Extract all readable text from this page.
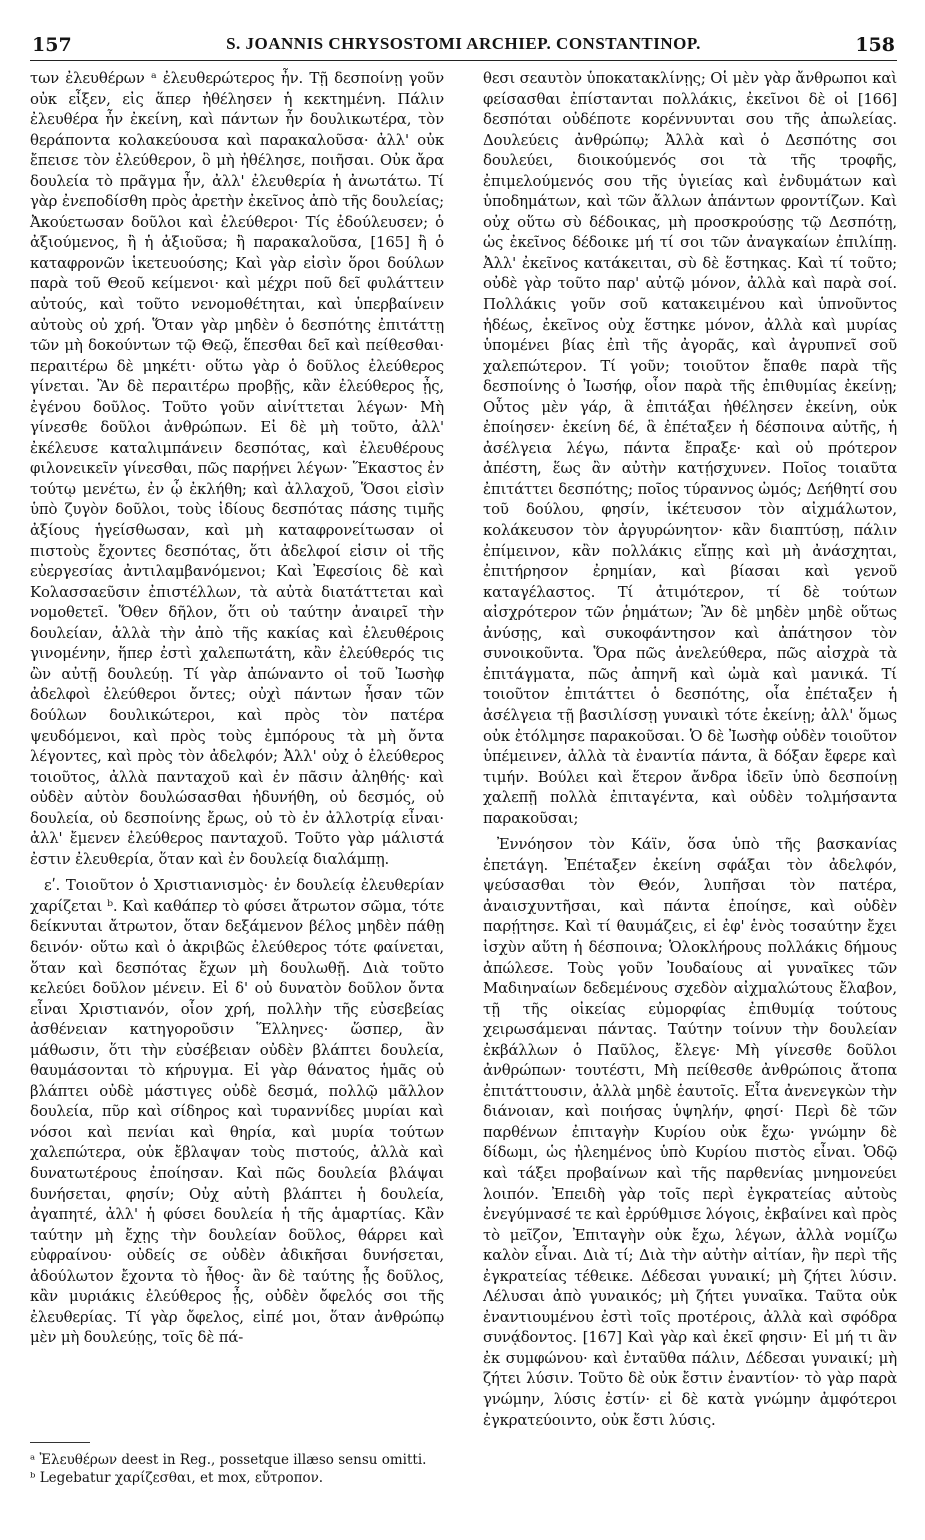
157	S. JOANNIS CHRYSOSTOMI ARCHIEP. CONSTANTINOP.	158

των ἐλευθέρων ᵃ ἐλευθερώτερος ἦν. Τῇ δεσποίνῃ γοῦν οὐκ εἶξεν, εἰς ἅπερ ἠθέλησεν ἡ κεκτημένη. Πάλιν ἐλευθέρα ἦν ἐκείνη, καὶ πάντων ἦν δουλικωτέρα, τὸν θεράποντα κολακεύουσα καὶ παρακαλοῦσα· ἀλλ' οὐκ ἔπεισε τὸν ἐλεύθερον, ὃ μὴ ἠθέλησε, ποιῆσαι. Οὐκ ἄρα δουλεία τὸ πρᾶγμα ἦν, ἀλλ' ἐλευθερία ἡ ἀνωτάτω. Τί γὰρ ἐνεποδίσθη πρὸς ἀρετὴν ἐκεῖνος ἀπὸ τῆς δουλείας; Ἀκούετωσαν δοῦλοι καὶ ἐλεύθεροι· Τίς ἐδούλευσεν; ὁ ἀξιούμενος, ἢ ἡ ἀξιοῦσα; ἢ παρακαλοῦσα, [165] ἢ ὁ καταφρονῶν ἱκετευούσης; Καὶ γὰρ εἰσὶν ὅροι δούλων παρὰ τοῦ Θεοῦ κείμενοι· καὶ μέχρι ποῦ δεῖ φυλάττειν αὐτούς, καὶ τοῦτο νενομοθέτηται, καὶ ὑπερβαίνειν αὐτοὺς οὐ χρή. Ὅταν γὰρ μηδὲν ὁ δεσπότης ἐπιτάττῃ τῶν μὴ δοκούντων τῷ Θεῷ, ἕπεσθαι δεῖ καὶ πείθεσθαι· περαιτέρω δὲ μηκέτι· οὕτω γὰρ ὁ δοῦλος ἐλεύθερος γίνεται. Ἂν δὲ περαιτέρω προβῇς, κἂν ἐλεύθερος ᾖς, ἐγένου δοῦλος. Τοῦτο γοῦν αἰνίττεται λέγων· Μὴ γίνεσθε δοῦλοι ἀνθρώπων. Εἰ δὲ μὴ τοῦτο, ἀλλ' ἐκέλευσε καταλιμπάνειν δεσπότας, καὶ ἐλευθέρους φιλονεικεῖν γίνεσθαι, πῶς παρῄνει λέγων· Ἕκαστος ἐν τούτῳ μενέτω, ἐν ᾧ ἐκλήθη; καὶ ἀλλαχοῦ, Ὅσοι εἰσὶν ὑπὸ ζυγὸν δοῦλοι, τοὺς ἰδίους δεσπότας πάσης τιμῆς ἀξίους ἡγείσθωσαν, καὶ μὴ καταφρονείτωσαν οἱ πιστοὺς ἔχοντες δεσπότας, ὅτι ἀδελφοί εἰσιν οἱ τῆς εὐεργεσίας ἀντιλαμβανόμενοι; Καὶ Ἐφεσίοις δὲ καὶ Κολασσαεῦσιν ἐπιστέλλων, τὰ αὐτὰ διατάττεται καὶ νομοθετεῖ. Ὅθεν δῆλον, ὅτι οὐ ταύτην ἀναιρεῖ τὴν δουλείαν, ἀλλὰ τὴν ἀπὸ τῆς κακίας καὶ ἐλευθέροις γινομένην, ἥπερ ἐστὶ χαλεπωτάτη, κἂν ἐλεύθερός τις ὢν αὐτῇ δουλεύῃ. Τί γὰρ ἀπώναντο οἱ τοῦ Ἰωσὴφ ἀδελφοὶ ἐλεύθεροι ὄντες; οὐχὶ πάντων ἦσαν τῶν δούλων δουλικώτεροι, καὶ πρὸς τὸν πατέρα ψευδόμενοι, καὶ πρὸς τοὺς ἐμπόρους τὰ μὴ ὄντα λέγοντες, καὶ πρὸς τὸν ἀδελφόν; Ἀλλ' οὐχ ὁ ἐλεύθερος τοιοῦτος, ἀλλὰ πανταχοῦ καὶ ἐν πᾶσιν ἀληθής· καὶ οὐδὲν αὐτὸν δουλώσασθαι ἠδυνήθη, οὐ δεσμός, οὐ δουλεία, οὐ δεσποίνης ἔρως, οὐ τὸ ἐν ἀλλοτρίᾳ εἶναι· ἀλλ' ἔμενεν ἐλεύθερος πανταχοῦ. Τοῦτο γὰρ μάλιστά ἐστιν ἐλευθερία, ὅταν καὶ ἐν δουλείᾳ διαλάμπῃ.

εʹ. Τοιοῦτον ὁ Χριστιανισμὸς· ἐν δουλείᾳ ἐλευθερίαν χαρίζεται ᵇ. Καὶ καθάπερ τὸ φύσει ἄτρωτον σῶμα, τότε δείκνυται ἄτρωτον, ὅταν δεξάμενον βέλος μηδὲν πάθῃ δεινόν· οὕτω καὶ ὁ ἀκριβῶς ἐλεύθερος τότε φαίνεται, ὅταν καὶ δεσπότας ἔχων μὴ δουλωθῇ. Διὰ τοῦτο κελεύει δοῦλον μένειν. Εἰ δ' οὐ δυνατὸν δοῦλον ὄντα εἶναι Χριστιανόν, οἷον χρή, πολλὴν τῆς εὐσεβείας ἀσθένειαν κατηγοροῦσιν Ἕλληνες· ὥσπερ, ἂν μάθωσιν, ὅτι τὴν εὐσέβειαν οὐδὲν βλάπτει δουλεία, θαυμάσονται τὸ κήρυγμα. Εἰ γὰρ θάνατος ἡμᾶς οὐ βλάπτει οὐδὲ μάστιγες οὐδὲ δεσμά, πολλῷ μᾶλλον δουλεία, πῦρ καὶ σίδηρος καὶ τυραννίδες μυρίαι καὶ νόσοι καὶ πενίαι καὶ θηρία, καὶ μυρία τούτων χαλεπώτερα, οὐκ ἔβλαψαν τοὺς πιστούς, ἀλλὰ καὶ δυνατωτέρους ἐποίησαν. Καὶ πῶς δουλεία βλάψαι δυνήσεται, φησίν; Οὐχ αὐτὴ βλάπτει ἡ δουλεία, ἀγαπητέ, ἀλλ' ἡ φύσει δουλεία ἡ τῆς ἁμαρτίας. Κἂν ταύτην μὴ ἔχῃς τὴν δουλείαν δοῦλος, θάρρει καὶ εὐφραίνου· οὐδείς σε οὐδὲν ἀδικῆσαι δυνήσεται, ἀδούλωτον ἔχοντα τὸ ἦθος· ἂν δὲ ταύτης ᾖς δοῦλος, κἂν μυριάκις ἐλεύθερος ᾖς, οὐδὲν ὄφελός σοι τῆς ἐλευθερίας. Τί γὰρ ὄφελος, εἰπέ μοι, ὅταν ἀνθρώπῳ μὲν μὴ δουλεύῃς, τοῖς δὲ πά-

θεσι σεαυτὸν ὑποκατακλίνῃς; Οἱ μὲν γὰρ ἄνθρωποι καὶ φείσασθαι ἐπίστανται πολλάκις, ἐκεῖνοι δὲ οἱ [166] δεσπόται οὐδέποτε κορέννυνται σου τῆς ἀπωλείας. Δουλεύεις ἀνθρώπῳ; Ἀλλὰ καὶ ὁ Δεσπότης σοι δουλεύει, διοικούμενός σοι τὰ τῆς τροφῆς, ἐπιμελούμενός σου τῆς ὑγιείας καὶ ἐνδυμάτων καὶ ὑποδημάτων, καὶ τῶν ἄλλων ἁπάντων φροντίζων. Καὶ οὐχ οὕτω σὺ δέδοικας, μὴ προσκρούσῃς τῷ Δεσπότῃ, ὡς ἐκεῖνος δέδοικε μή τί σοι τῶν ἀναγκαίων ἐπιλίπῃ. Ἀλλ' ἐκεῖνος κατάκειται, σὺ δὲ ἕστηκας. Καὶ τί τοῦτο; οὐδὲ γὰρ τοῦτο παρ' αὐτῷ μόνον, ἀλλὰ καὶ παρὰ σοί. Πολλάκις γοῦν σοῦ κατακειμένου καὶ ὑπνοῦντος ἡδέως, ἐκεῖνος οὐχ ἕστηκε μόνον, ἀλλὰ καὶ μυρίας ὑπομένει βίας ἐπὶ τῆς ἀγορᾶς, καὶ ἀγρυπνεῖ σοῦ χαλεπώτερον. Τί γοῦν; τοιοῦτον ἔπαθε παρὰ τῆς δεσποίνης ὁ Ἰωσήφ, οἷον παρὰ τῆς ἐπιθυμίας ἐκείνῃ; Οὗτος μὲν γάρ, ἃ ἐπιτάξαι ἠθέλησεν ἐκείνη, οὐκ ἐποίησεν· ἐκείνη δέ, ἃ ἐπέταξεν ἡ δέσποινα αὐτῆς, ἡ ἀσέλγεια λέγω, πάντα ἔπραξε· καὶ οὐ πρότερον ἀπέστη, ἕως ἂν αὐτὴν κατῄσχυνεν. Ποῖος τοιαῦτα ἐπιτάττει δεσπότης; ποῖος τύραννος ὠμός; Δεήθητί σου τοῦ δούλου, φησίν, ἱκέτευσον τὸν αἰχμάλωτον, κολάκευσον τὸν ἀργυρώνητον· κἂν διαπτύσῃ, πάλιν ἐπίμεινον, κἂν πολλάκις εἴπῃς καὶ μὴ ἀνάσχηται, ἐπιτήρησον ἐρημίαν, καὶ βίασαι καὶ γενοῦ καταγέλαστος. Τί ἀτιμότερον, τί δὲ τούτων αἰσχρότερον τῶν ῥημάτων; Ἂν δὲ μηδὲν μηδὲ οὕτως ἀνύσῃς, καὶ συκοφάντησον καὶ ἀπάτησον τὸν συνοικοῦντα. Ὅρα πῶς ἀνελεύθερα, πῶς αἰσχρὰ τὰ ἐπιτάγματα, πῶς ἀπηνῆ καὶ ὠμὰ καὶ μανικά. Τί τοιοῦτον ἐπιτάττει ὁ δεσπότης, οἷα ἐπέταξεν ἡ ἀσέλγεια τῇ βασιλίσσῃ γυναικὶ τότε ἐκείνῃ; ἀλλ' ὅμως οὐκ ἐτόλμησε παρακοῦσαι. Ὁ δὲ Ἰωσὴφ οὐδὲν τοιοῦτον ὑπέμεινεν, ἀλλὰ τὰ ἐναντία πάντα, ἃ δόξαν ἔφερε καὶ τιμήν. Βούλει καὶ ἕτερον ἄνδρα ἰδεῖν ὑπὸ δεσποίνῃ χαλεπῇ πολλὰ ἐπιταγέντα, καὶ οὐδὲν τολμήσαντα παρακοῦσαι;

Ἐννόησον τὸν Κάϊν, ὅσα ὑπὸ τῆς βασκανίας ἐπετάγη. Ἐπέταξεν ἐκείνη σφάξαι τὸν ἀδελφόν, ψεύσασθαι τὸν Θεόν, λυπῆσαι τὸν πατέρα, ἀναισχυντῆσαι, καὶ πάντα ἐποίησε, καὶ οὐδὲν παρῄτησε. Καὶ τί θαυμάζεις, εἰ ἐφ' ἑνὸς τοσαύτην ἔχει ἰσχὺν αὕτη ἡ δέσποινα; Ὁλοκλήρους πολλάκις δήμους ἀπώλεσε. Τοὺς γοῦν Ἰουδαίους αἱ γυναῖκες τῶν Μαδιηναίων δεδεμένους σχεδὸν αἰχμαλώτους ἔλαβον, τῇ τῆς οἰκείας εὐμορφίας ἐπιθυμίᾳ τούτους χειρωσάμεναι πάντας. Ταύτην τοίνυν τὴν δουλείαν ἐκβάλλων ὁ Παῦλος, ἔλεγε· Μὴ γίνεσθε δοῦλοι ἀνθρώπων· τουτέστι, Μὴ πείθεσθε ἀνθρώποις ἄτοπα ἐπιτάττουσιν, ἀλλὰ μηδὲ ἑαυτοῖς. Εἶτα ἀνενεγκὼν τὴν διάνοιαν, καὶ ποιήσας ὑψηλήν, φησί· Περὶ δὲ τῶν παρθένων ἐπιταγὴν Κυρίου οὐκ ἔχω· γνώμην δὲ δίδωμι, ὡς ἠλεημένος ὑπὸ Κυρίου πιστὸς εἶναι. Ὁδῷ καὶ τάξει προβαίνων καὶ τῆς παρθενίας μνημονεύει λοιπόν. Ἐπειδὴ γὰρ τοῖς περὶ ἐγκρατείας αὐτοὺς ἐνεγύμνασέ τε καὶ ἐρρύθμισε λόγοις, ἐκβαίνει καὶ πρὸς τὸ μεῖζον, Ἐπιταγὴν οὐκ ἔχω, λέγων, ἀλλὰ νομίζω καλὸν εἶναι. Διὰ τί; Διὰ τὴν αὐτὴν αἰτίαν, ἣν περὶ τῆς ἐγκρατείας τέθεικε. Δέδεσαι γυναικί; μὴ ζήτει λύσιν. Λέλυσαι ἀπὸ γυναικός; μὴ ζήτει γυναῖκα. Ταῦτα οὐκ ἐναντιουμένου ἐστὶ τοῖς προτέροις, ἀλλὰ καὶ σφόδρα συνᾴδοντος. [167] Καὶ γὰρ καὶ ἐκεῖ φησιν· Εἰ μή τι ἂν ἐκ συμφώνου· καὶ ἐνταῦθα πάλιν, Δέδεσαι γυναικί; μὴ ζήτει λύσιν. Τοῦτο δὲ οὐκ ἔστιν ἐναντίον· τὸ γὰρ παρὰ γνώμην, λύσις ἐστίν· εἰ δὲ κατὰ γνώμην ἀμφότεροι ἐγκρατεύοιντο, οὐκ ἔστι λύσις.

ᵃ Ἐλευθέρων deest in Reg., possetque illæso sensu omitti.

ᵇ Legebatur χαρίζεσθαι, et mox, εὔτροπον.
